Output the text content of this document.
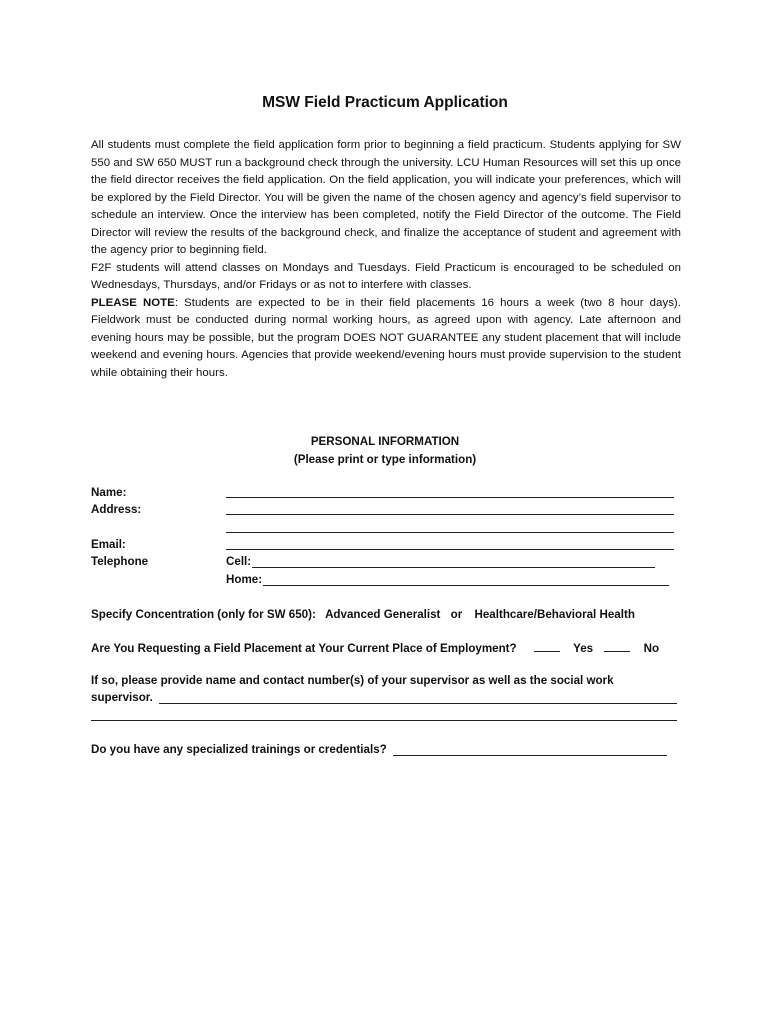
MSW Field Practicum Application

All students must complete the field application form prior to beginning a field practicum. Students applying for SW 550 and SW 650 MUST run a background check through the university. LCU Human Resources will set this up once the field director receives the field application. On the field application, you will indicate your preferences, which will be explored by the Field Director. You will be given the name of the chosen agency and agency’s field supervisor to schedule an interview. Once the interview has been completed, notify the Field Director of the outcome. The Field Director will review the results of the background check, and finalize the acceptance of student and agreement with the agency prior to beginning field.

F2F students will attend classes on Mondays and Tuesdays. Field Practicum is encouraged to be scheduled on Wednesdays, Thursdays, and/or Fridays or as not to interfere with classes.

PLEASE NOTE: Students are expected to be in their field placements 16 hours a week (two 8 hour days). Fieldwork must be conducted during normal working hours, as agreed upon with agency. Late afternoon and evening hours may be possible, but the program DOES NOT GUARANTEE any student placement that will include weekend and evening hours. Agencies that provide weekend/evening hours must provide supervision to the student while obtaining their hours.

PERSONAL INFORMATION
(Please print or type information)
Name:
Address:
Email:
Telephone	Cell:
Home:
Specify Concentration (only for SW 650): Advanced Generalist or Healthcare/Behavioral Health
Are You Requesting a Field Placement at Your Current Place of Employment?	Yes	No
If so, please provide name and contact number(s) of your supervisor as well as the social work
supervisor.
Do you have any specialized trainings or credentials?
